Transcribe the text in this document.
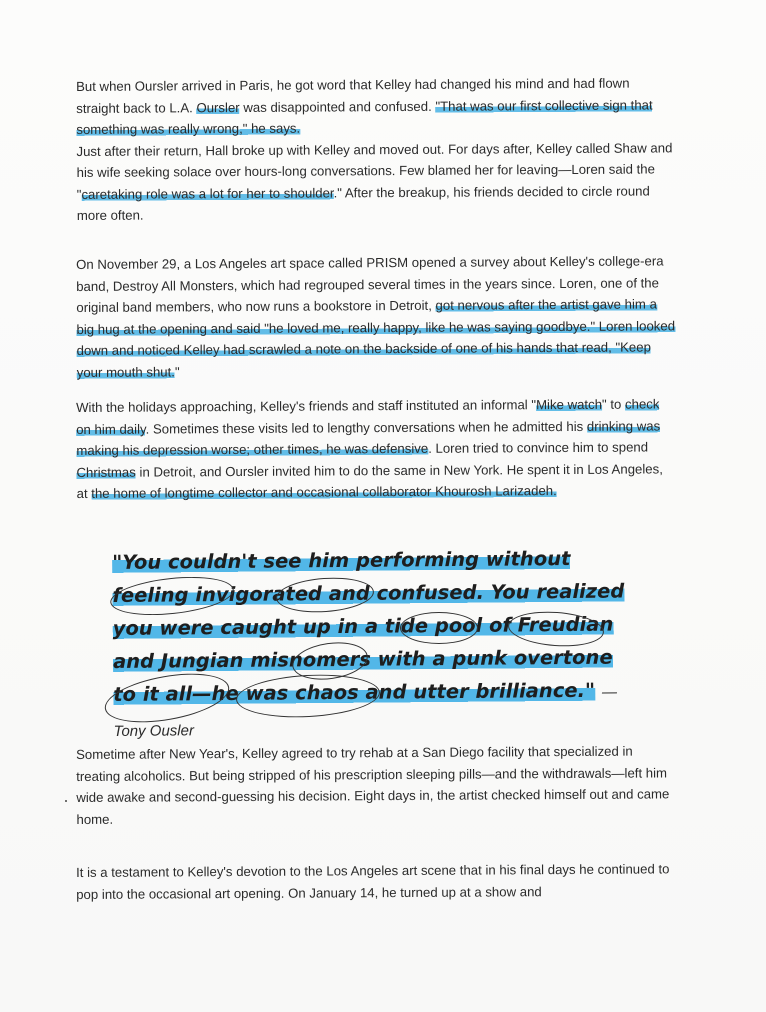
But when Oursler arrived in Paris, he got word that Kelley had changed his mind and had flown straight back to L.A. Oursler was disappointed and confused. "That was our first collective sign that something was really wrong," he says.
Just after their return, Hall broke up with Kelley and moved out. For days after, Kelley called Shaw and his wife seeking solace over hours-long conversations. Few blamed her for leaving—Loren said the "caretaking role was a lot for her to shoulder." After the breakup, his friends decided to circle round more often.

On November 29, a Los Angeles art space called PRISM opened a survey about Kelley's college-era band, Destroy All Monsters, which had regrouped several times in the years since. Loren, one of the original band members, who now runs a bookstore in Detroit, got nervous after the artist gave him a big hug at the opening and said "he loved me, really happy, like he was saying goodbye." Loren looked down and noticed Kelley had scrawled a note on the backside of one of his hands that read, "Keep your mouth shut."

With the holidays approaching, Kelley's friends and staff instituted an informal "Mike watch" to check on him daily. Sometimes these visits led to lengthy conversations when he admitted his drinking was making his depression worse; other times, he was defensive. Loren tried to convince him to spend Christmas in Detroit, and Oursler invited him to do the same in New York. He spent it in Los Angeles, at the home of longtime collector and occasional collaborator Khourosh Larizadeh.

"You couldn't see him performing without feeling invigorated and confused. You realized you were caught up in a tide pool of Freudian and Jungian misnomers with a punk overtone to it all—he was chaos and utter brilliance." —Tony Ousler

Sometime after New Year's, Kelley agreed to try rehab at a San Diego facility that specialized in treating alcoholics. But being stripped of his prescription sleeping pills—and the withdrawals—left him wide awake and second-guessing his decision. Eight days in, the artist checked himself out and came home.

It is a testament to Kelley's devotion to the Los Angeles art scene that in his final days he continued to pop into the occasional art opening. On January 14, he turned up at a show and
